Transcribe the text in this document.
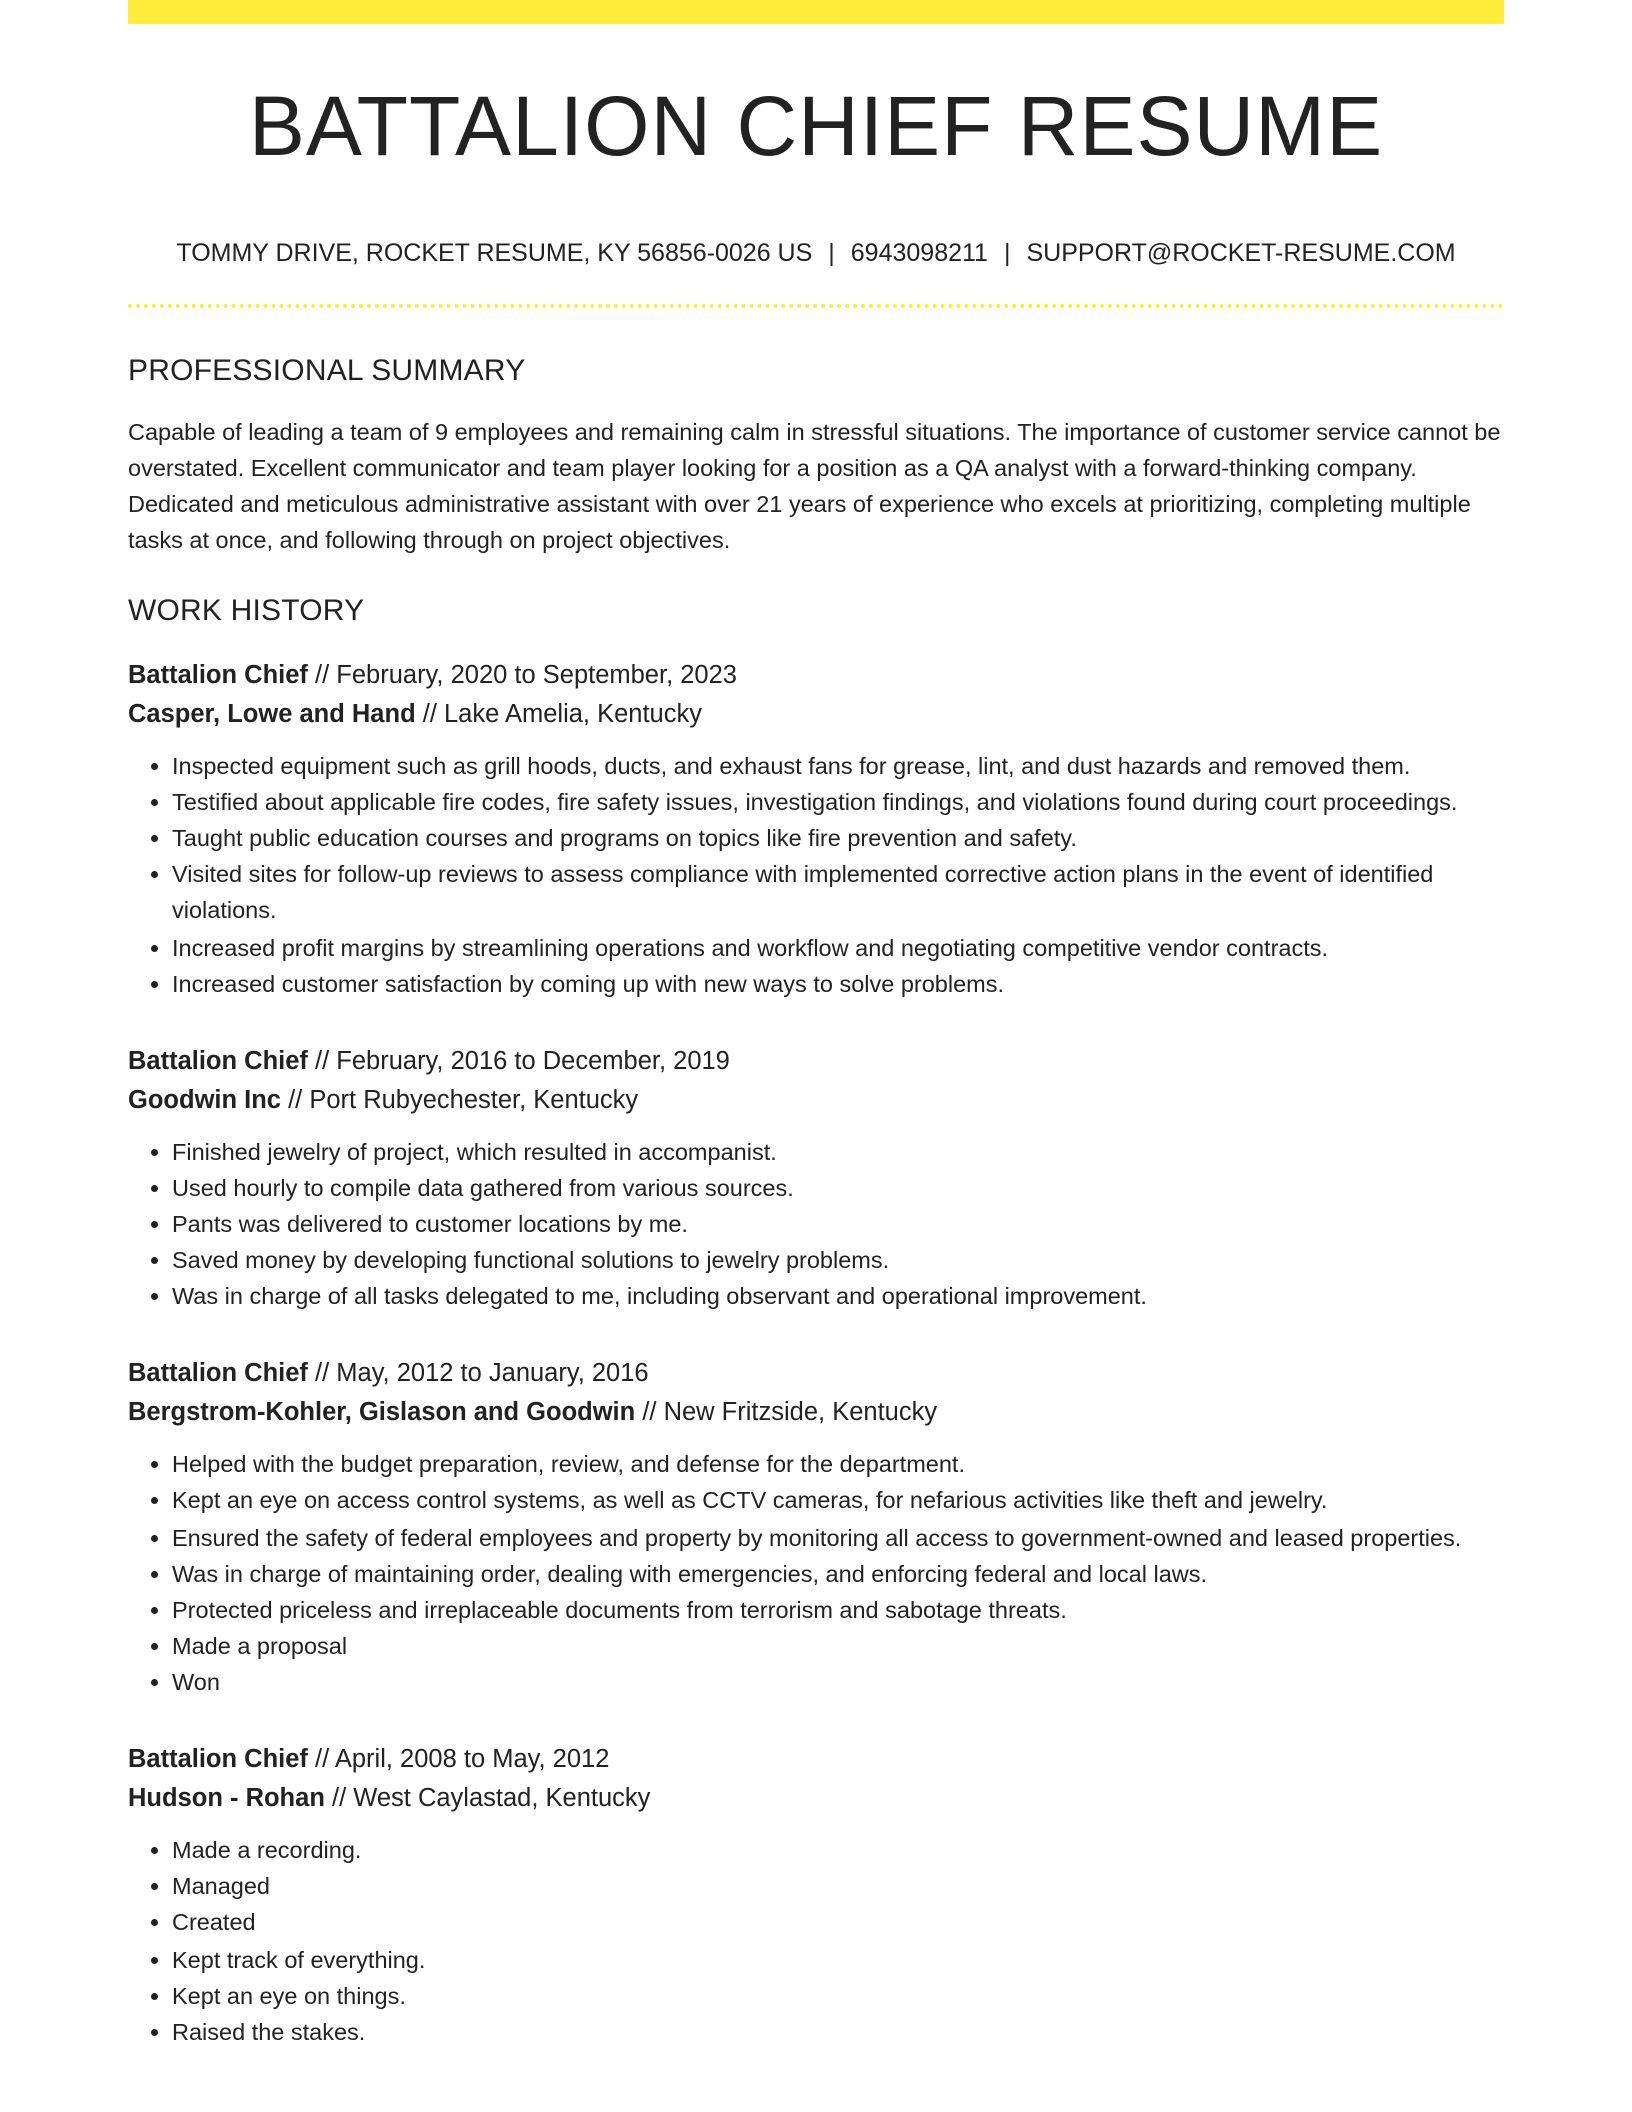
BATTALION CHIEF RESUME
TOMMY DRIVE, ROCKET RESUME, KY 56856-0026 US | 6943098211 | SUPPORT@ROCKET-RESUME.COM
PROFESSIONAL SUMMARY

Capable of leading a team of 9 employees and remaining calm in stressful situations. The importance of customer service cannot be overstated. Excellent communicator and team player looking for a position as a QA analyst with a forward-thinking company. Dedicated and meticulous administrative assistant with over 21 years of experience who excels at prioritizing, completing multiple tasks at once, and following through on project objectives.

WORK HISTORY
Battalion Chief // February, 2020 to September, 2023
Casper, Lowe and Hand // Lake Amelia, Kentucky
• Inspected equipment such as grill hoods, ducts, and exhaust fans for grease, lint, and dust hazards and removed them.
• Testified about applicable fire codes, fire safety issues, investigation findings, and violations found during court proceedings.
• Taught public education courses and programs on topics like fire prevention and safety.
• Visited sites for follow-up reviews to assess compliance with implemented corrective action plans in the event of identified violations.
• Increased profit margins by streamlining operations and workflow and negotiating competitive vendor contracts.
• Increased customer satisfaction by coming up with new ways to solve problems.
Battalion Chief // February, 2016 to December, 2019
Goodwin Inc // Port Rubyechester, Kentucky
• Finished jewelry of project, which resulted in accompanist.
• Used hourly to compile data gathered from various sources.
• Pants was delivered to customer locations by me.
• Saved money by developing functional solutions to jewelry problems.
• Was in charge of all tasks delegated to me, including observant and operational improvement.
Battalion Chief // May, 2012 to January, 2016
Bergstrom-Kohler, Gislason and Goodwin // New Fritzside, Kentucky
• Helped with the budget preparation, review, and defense for the department.
• Kept an eye on access control systems, as well as CCTV cameras, for nefarious activities like theft and jewelry.
• Ensured the safety of federal employees and property by monitoring all access to government-owned and leased properties.
• Was in charge of maintaining order, dealing with emergencies, and enforcing federal and local laws.
• Protected priceless and irreplaceable documents from terrorism and sabotage threats.
• Made a proposal
• Won
Battalion Chief // April, 2008 to May, 2012
Hudson - Rohan // West Caylastad, Kentucky
• Made a recording.
• Managed
• Created
• Kept track of everything.
• Kept an eye on things.
• Raised the stakes.
